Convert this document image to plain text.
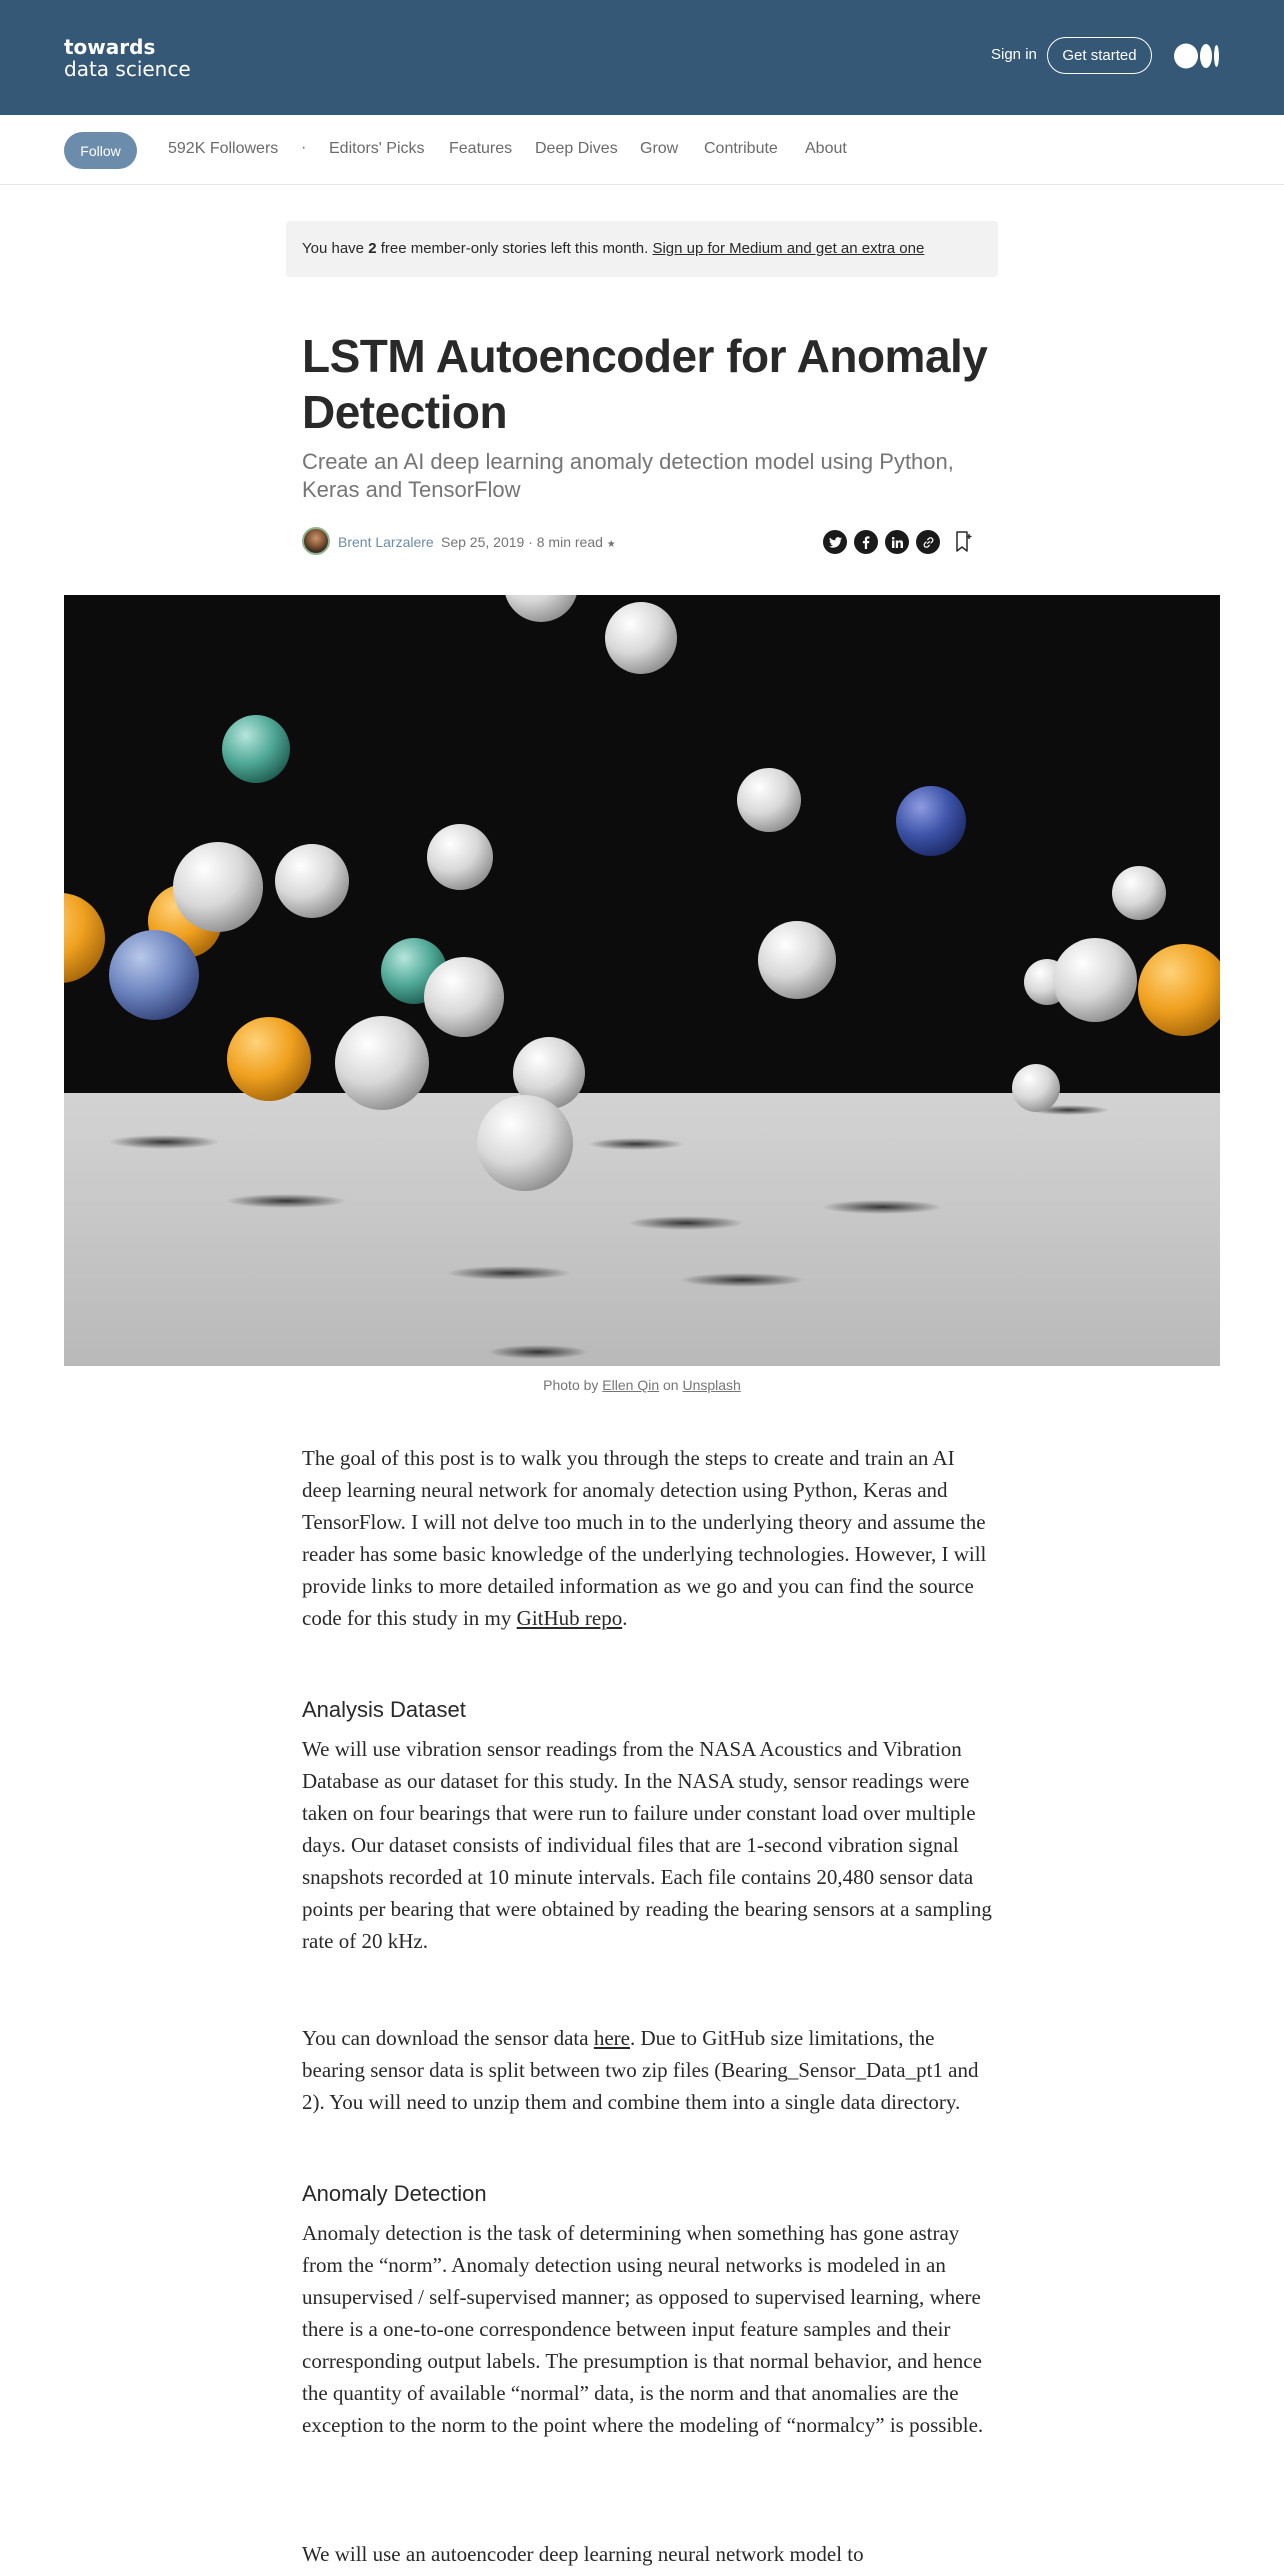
towards
data science
Sign in	Get started
Follow	592K Followers · Editors' Picks Features Deep Dives Grow Contribute About
You have 2 free member-only stories left this month. Sign up for Medium and get an extra one
LSTM Autoencoder for Anomaly Detection
Create an AI deep learning anomaly detection model using Python, Keras and TensorFlow
Brent Larzalere Sep 25, 2019 · 8 min read ★
Photo by Ellen Qin on Unsplash

The goal of this post is to walk you through the steps to create and train an AI deep learning neural network for anomaly detection using Python, Keras and TensorFlow. I will not delve too much in to the underlying theory and assume the reader has some basic knowledge of the underlying technologies. However, I will provide links to more detailed information as we go and you can find the source code for this study in my GitHub repo.

Analysis Dataset

We will use vibration sensor readings from the NASA Acoustics and Vibration Database as our dataset for this study. In the NASA study, sensor readings were taken on four bearings that were run to failure under constant load over multiple days. Our dataset consists of individual files that are 1-second vibration signal snapshots recorded at 10 minute intervals. Each file contains 20,480 sensor data points per bearing that were obtained by reading the bearing sensors at a sampling rate of 20 kHz.

You can download the sensor data here. Due to GitHub size limitations, the bearing sensor data is split between two zip files (Bearing_Sensor_Data_pt1 and 2). You will need to unzip them and combine them into a single data directory.

Anomaly Detection

Anomaly detection is the task of determining when something has gone astray from the “norm”. Anomaly detection using neural networks is modeled in an unsupervised / self-supervised manner; as opposed to supervised learning, where there is a one-to-one correspondence between input feature samples and their corresponding output labels. The presumption is that normal behavior, and hence the quantity of available “normal” data, is the norm and that anomalies are the exception to the norm to the point where the modeling of “normalcy” is possible.

We will use an autoencoder deep learning neural network model to
